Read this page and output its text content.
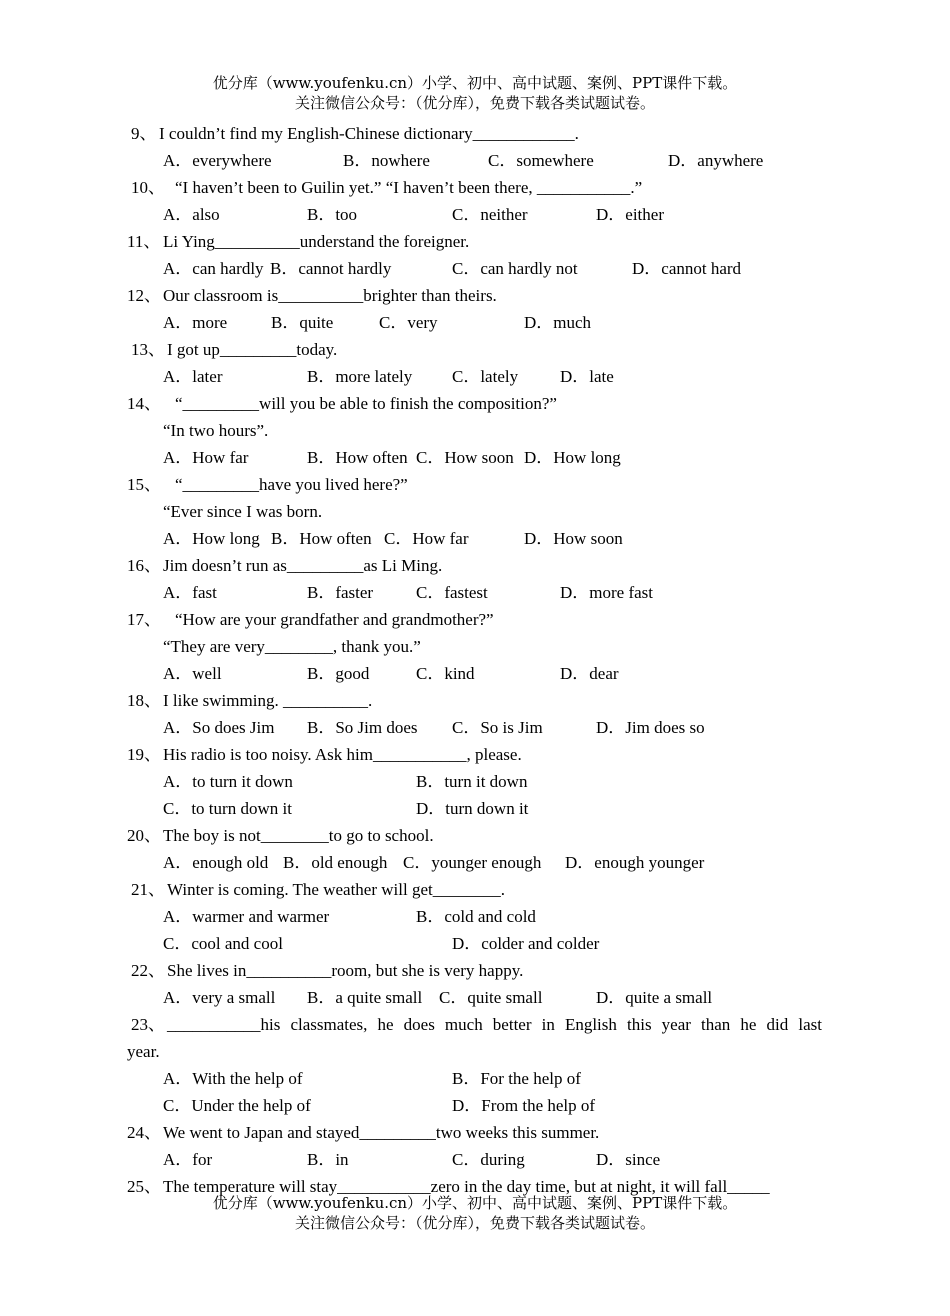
优分库（www.youfenku.cn）小学、初中、高中试题、案例、PPT课件下载。
关注微信公众号：（优分库），免费下载各类试题试卷。

9、

I couldn’t find my English-Chinese dictionary____________.

A．everywhere

	B．nowhere

	C．somewhere

	D．anywhere

10、

“I haven’t been to Guilin yet.” “I haven’t been there, ___________.”

A．also

	B．too

	C．neither

	D．either

11、

Li Ying__________understand the foreigner.

A．can hardly

B．cannot hardly

	C．can hardly not

	D．cannot hard

12、

Our classroom is__________brighter than theirs.

A．more

	B．quite

	C．very

	D．much

13、

I got up_________today.

A．later

	B．more lately

C．lately

D．late

14、

“_________will you be able to finish the composition?”

“In two hours”.

A．How far

	B．How often

C．How soon

D．How long

15、

“_________have you lived here?”

“Ever since I was born.

A．How long

B．How often

C．How far

	D．How soon

16、

Jim doesn’t run as_________as Li Ming.

A．fast

	B．faster

	C．fastest

	D．more fast

17、

“How are your grandfather and grandmother?”

“They are very________, thank you.”

A．well

	B．good

	C．kind

	D．dear

18、

I like swimming. __________.

A．So does Jim

B．So Jim does

C．So is Jim

	D．Jim does so

19、

His radio is too noisy. Ask him___________, please.

A．to turn it down

	B．turn it down

C．to turn down it

	D．turn down it

20、

The boy is not________to go to school.

A．enough old

B．old enough

C．younger enough

D．enough younger

21、

Winter is coming. The weather will get________.

A．warmer and warmer

	B．cold and cold

C．cool and cool

	D．colder and colder

22、

She lives in__________room, but she is very happy.

A．very a small

B．a quite small

C．quite small

	D．quite a small

23、

___________his classmates, he does much better in English this year than he did last

year.

A．With the help of

	B．For the help of

C．Under the help of

	D．From the help of

24、

We went to Japan and stayed_________two weeks this summer.

A．for

	B．in

	C．during

	D．since

25、

The temperature will stay___________zero in the day time, but at night, it will fall_____

优分库（www.youfenku.cn）小学、初中、高中试题、案例、PPT课件下载。
关注微信公众号：（优分库），免费下载各类试题试卷。
